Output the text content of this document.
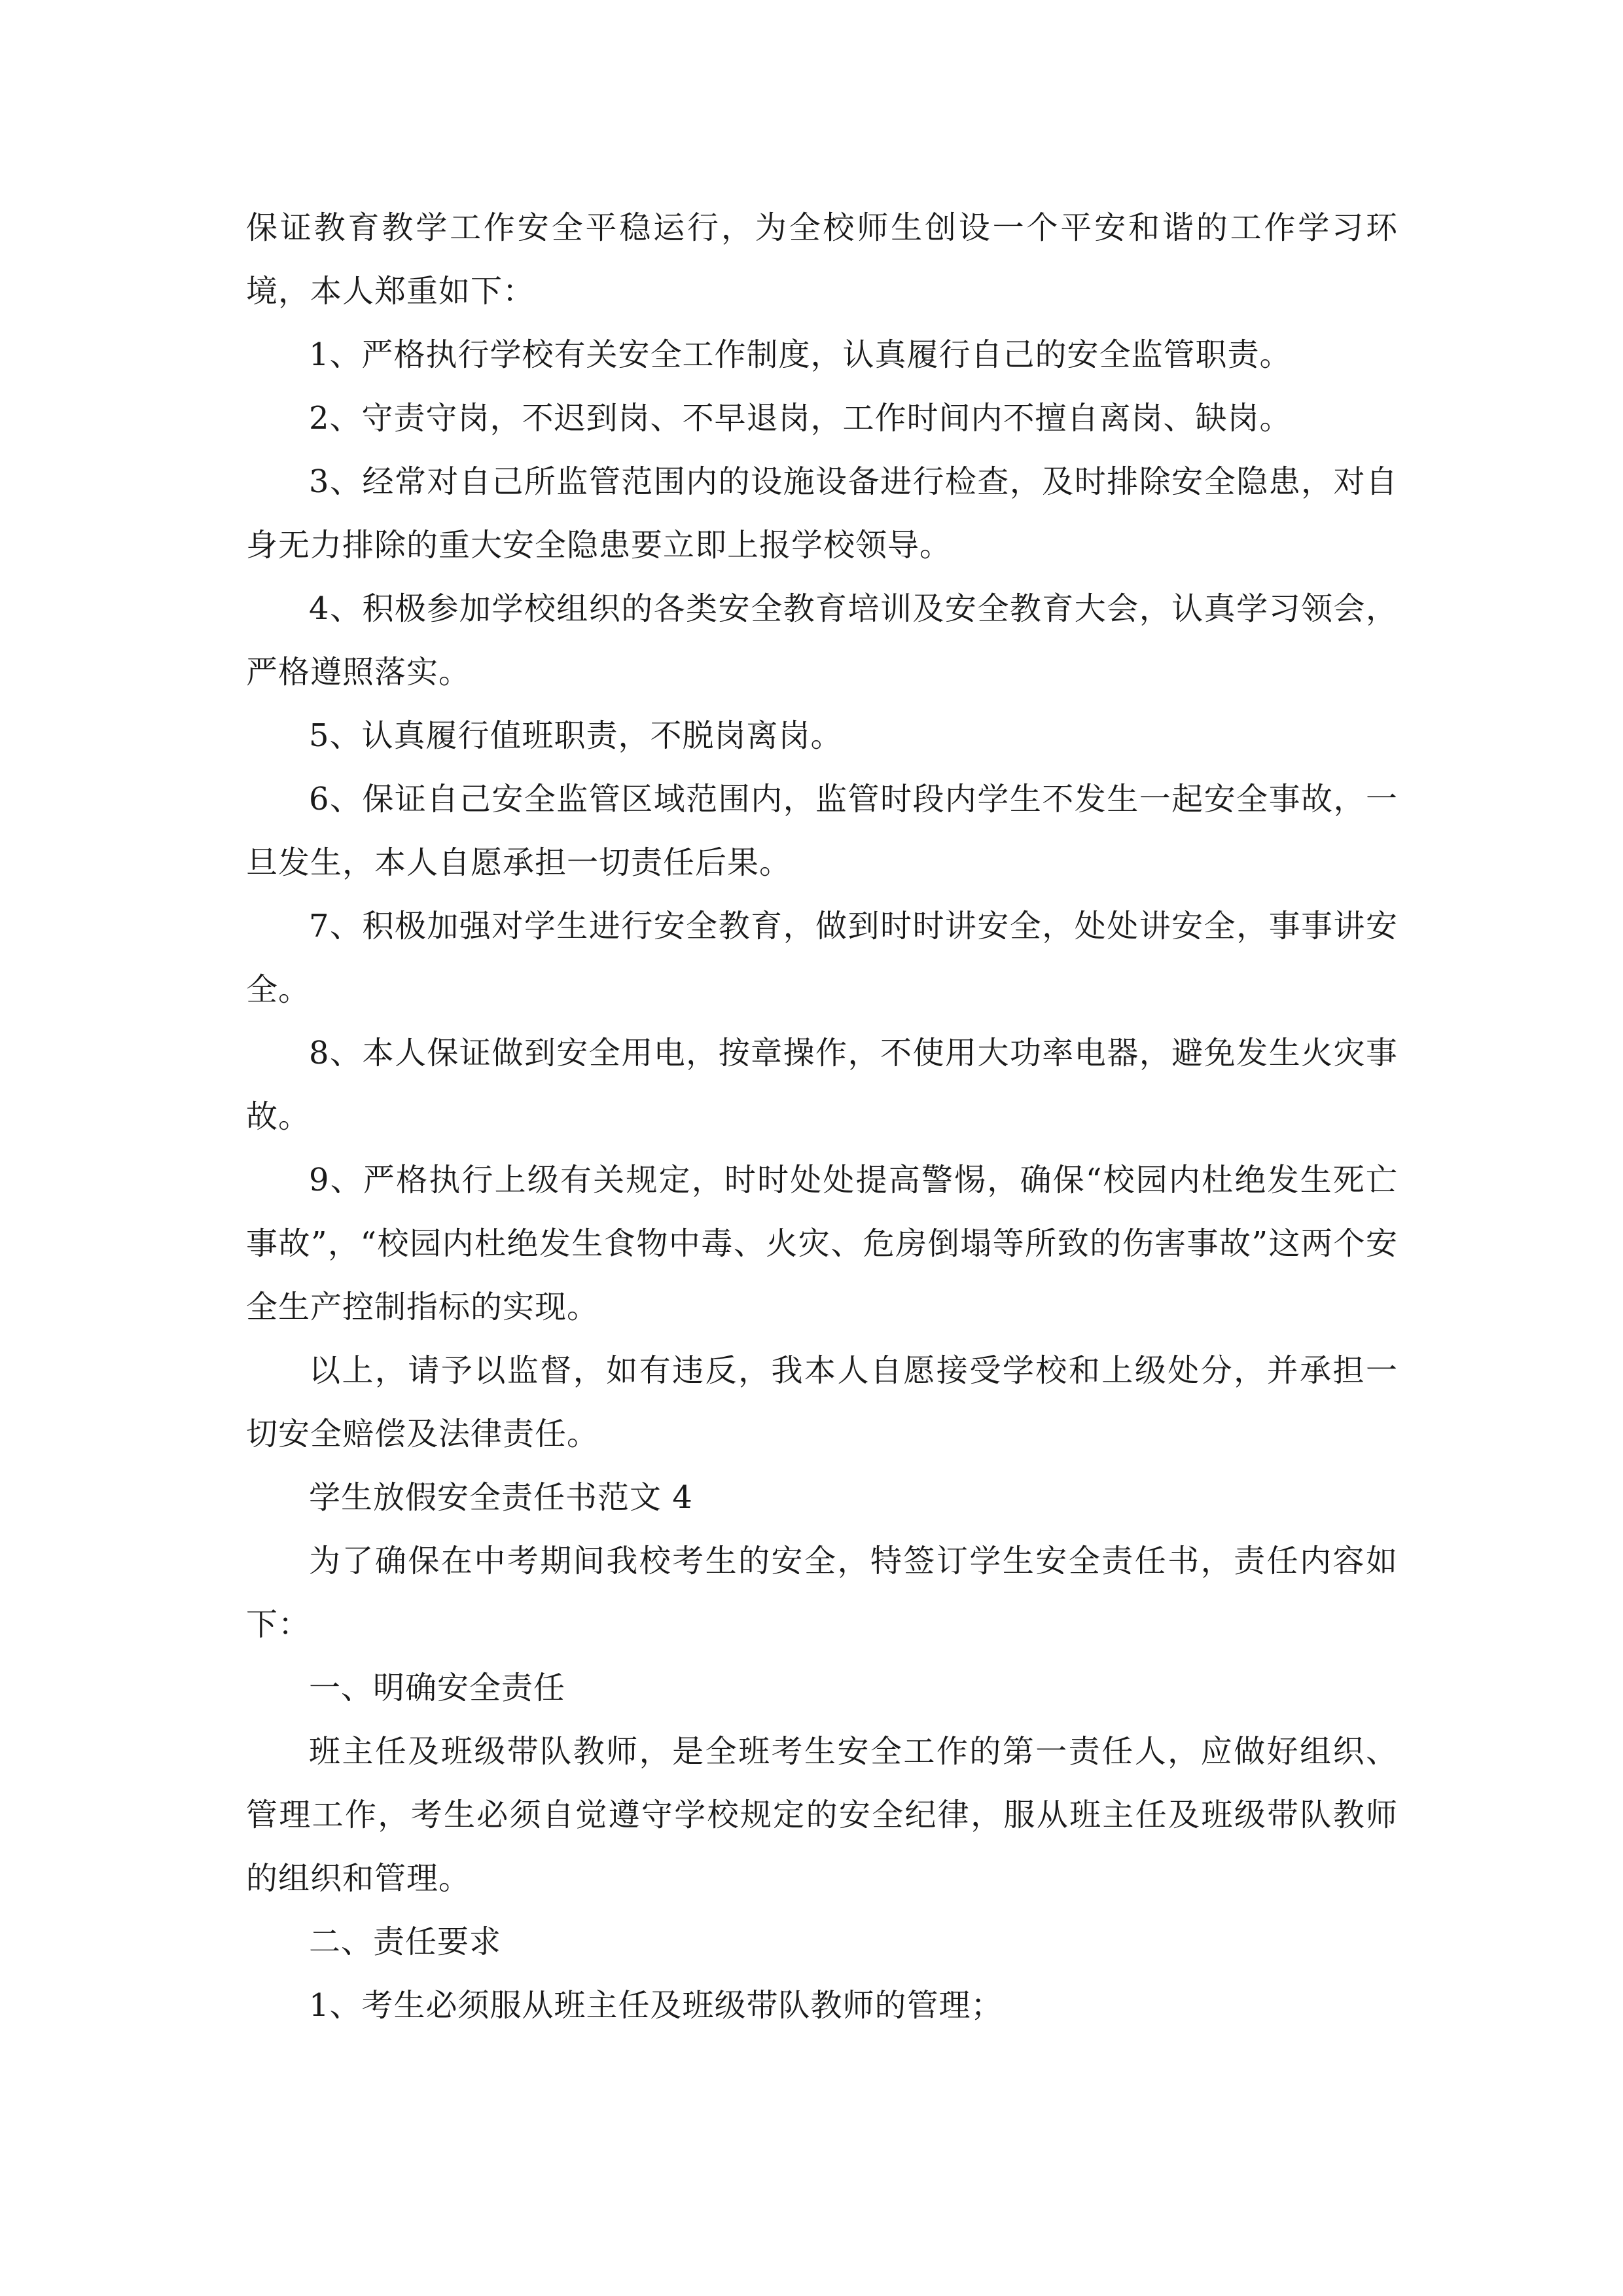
保证教育教学工作安全平稳运行，为全校师生创设一个平安和谐的工作学习环境，本人郑重如下：

1、严格执行学校有关安全工作制度，认真履行自己的安全监管职责。

2、守责守岗，不迟到岗、不早退岗，工作时间内不擅自离岗、缺岗。

3、经常对自己所监管范围内的设施设备进行检查，及时排除安全隐患，对自身无力排除的重大安全隐患要立即上报学校领导。

4、积极参加学校组织的各类安全教育培训及安全教育大会，认真学习领会，严格遵照落实。

5、认真履行值班职责，不脱岗离岗。

6、保证自己安全监管区域范围内，监管时段内学生不发生一起安全事故，一旦发生，本人自愿承担一切责任后果。

7、积极加强对学生进行安全教育，做到时时讲安全，处处讲安全，事事讲安全。

8、本人保证做到安全用电，按章操作，不使用大功率电器，避免发生火灾事故。

9、严格执行上级有关规定，时时处处提高警惕，确保“校园内杜绝发生死亡事故”，“校园内杜绝发生食物中毒、火灾、危房倒塌等所致的伤害事故”这两个安全生产控制指标的实现。

以上，请予以监督，如有违反，我本人自愿接受学校和上级处分，并承担一切安全赔偿及法律责任。

学生放假安全责任书范文 4

为了确保在中考期间我校考生的安全，特签订学生安全责任书，责任内容如下：

一、明确安全责任

班主任及班级带队教师，是全班考生安全工作的第一责任人，应做好组织、管理工作，考生必须自觉遵守学校规定的安全纪律，服从班主任及班级带队教师的组织和管理。

二、责任要求

1、考生必须服从班主任及班级带队教师的管理；
